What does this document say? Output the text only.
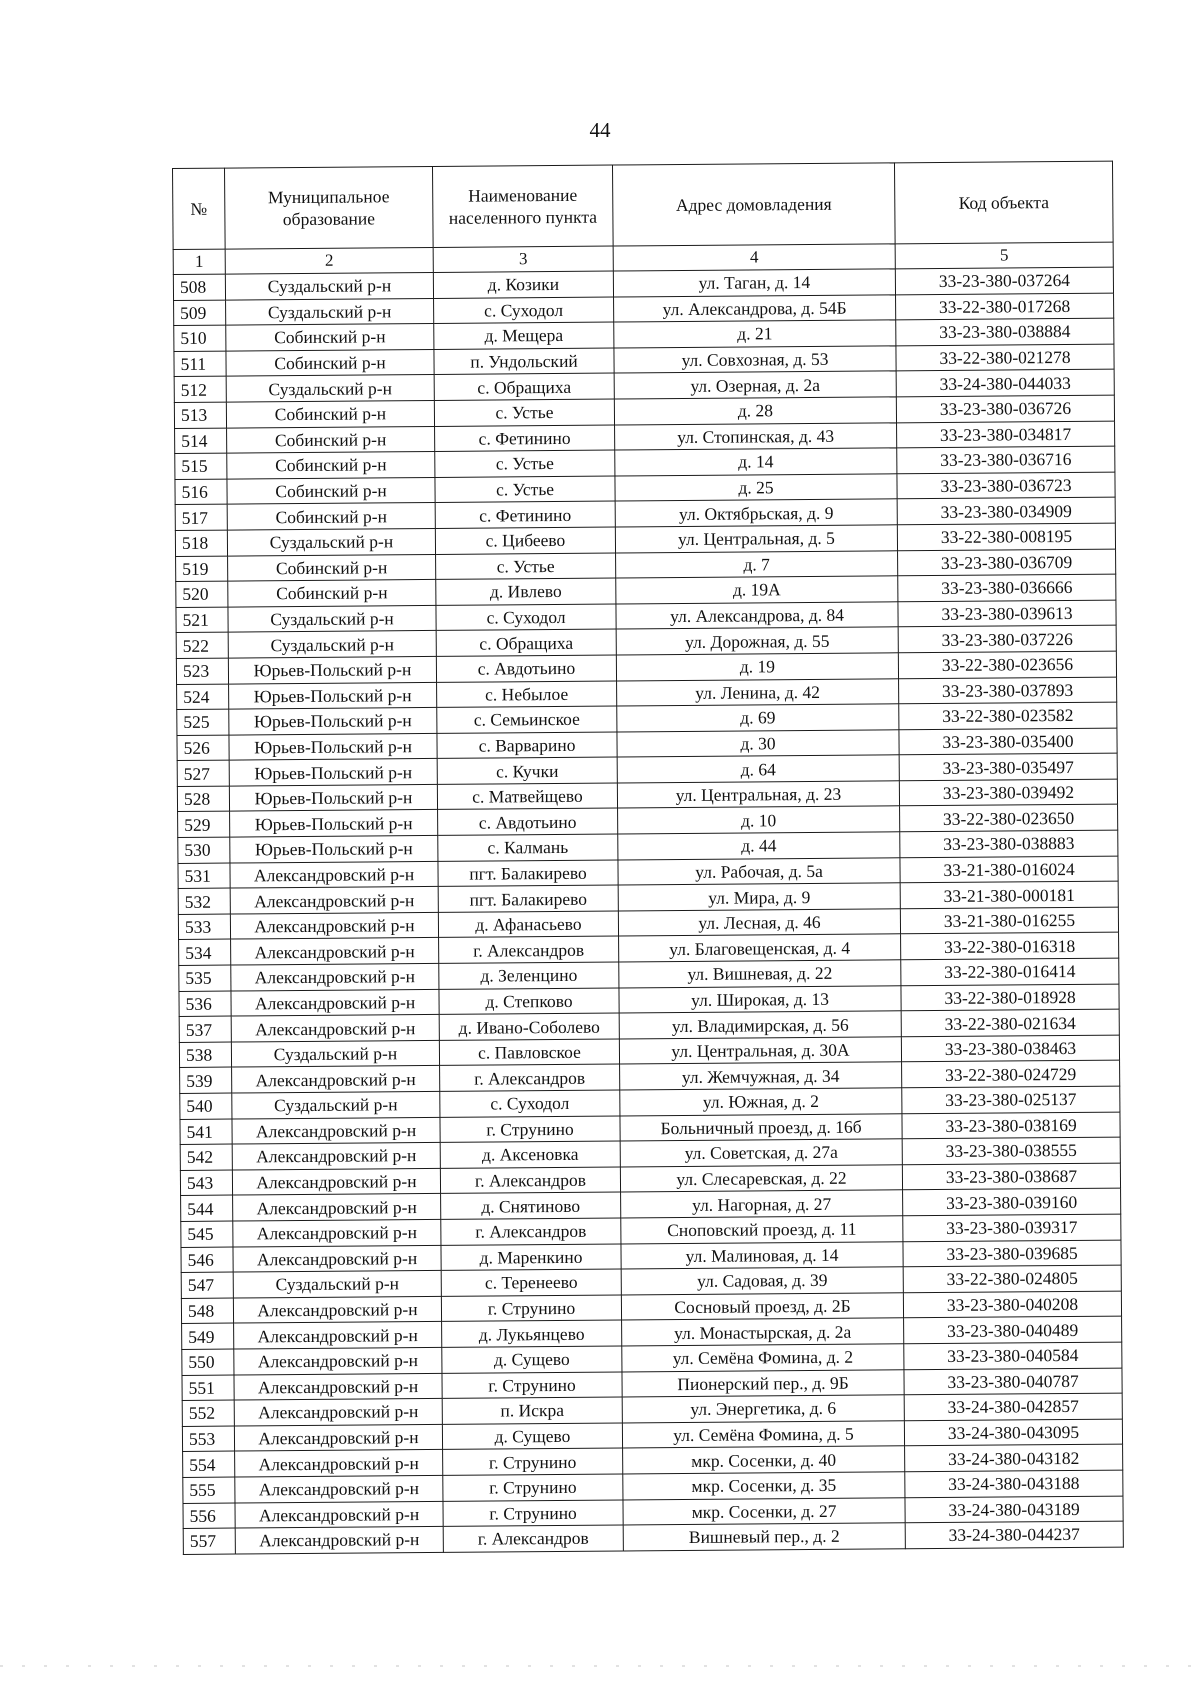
44
№	Муниципальное образование	Наименование населенного пункта	Адрес домовладения	Код объекта
1	2	3	4	5
508	Суздальский р-н	д. Козики	ул. Таган, д. 14	33-23-380-037264
509	Суздальский р-н	с. Суходол	ул. Александрова, д. 54Б	33-22-380-017268
510	Собинский р-н	д. Мещера	д. 21	33-23-380-038884
511	Собинский р-н	п. Ундольский	ул. Совхозная, д. 53	33-22-380-021278
512	Суздальский р-н	с. Обращиха	ул. Озерная, д. 2а	33-24-380-044033
513	Собинский р-н	с. Устье	д. 28	33-23-380-036726
514	Собинский р-н	с. Фетинино	ул. Стопинская, д. 43	33-23-380-034817
515	Собинский р-н	с. Устье	д. 14	33-23-380-036716
516	Собинский р-н	с. Устье	д. 25	33-23-380-036723
517	Собинский р-н	с. Фетинино	ул. Октябрьская, д. 9	33-23-380-034909
518	Суздальский р-н	с. Цибеево	ул. Центральная, д. 5	33-22-380-008195
519	Собинский р-н	с. Устье	д. 7	33-23-380-036709
520	Собинский р-н	д. Ивлево	д. 19А	33-23-380-036666
521	Суздальский р-н	с. Суходол	ул. Александрова, д. 84	33-23-380-039613
522	Суздальский р-н	с. Обращиха	ул. Дорожная, д. 55	33-23-380-037226
523	Юрьев-Польский р-н	с. Авдотьино	д. 19	33-22-380-023656
524	Юрьев-Польский р-н	с. Небылое	ул. Ленина, д. 42	33-23-380-037893
525	Юрьев-Польский р-н	с. Семьинское	д. 69	33-22-380-023582
526	Юрьев-Польский р-н	с. Варварино	д. 30	33-23-380-035400
527	Юрьев-Польский р-н	с. Кучки	д. 64	33-23-380-035497
528	Юрьев-Польский р-н	с. Матвейщево	ул. Центральная, д. 23	33-23-380-039492
529	Юрьев-Польский р-н	с. Авдотьино	д. 10	33-22-380-023650
530	Юрьев-Польский р-н	с. Калмань	д. 44	33-23-380-038883
531	Александровский р-н	пгт. Балакирево	ул. Рабочая, д. 5а	33-21-380-016024
532	Александровский р-н	пгт. Балакирево	ул. Мира, д. 9	33-21-380-000181
533	Александровский р-н	д. Афанасьево	ул. Лесная, д. 46	33-21-380-016255
534	Александровский р-н	г. Александров	ул. Благовещенская, д. 4	33-22-380-016318
535	Александровский р-н	д. Зеленцино	ул. Вишневая, д. 22	33-22-380-016414
536	Александровский р-н	д. Степково	ул. Широкая, д. 13	33-22-380-018928
537	Александровский р-н	д. Ивано-Соболево	ул. Владимирская, д. 56	33-22-380-021634
538	Суздальский р-н	с. Павловское	ул. Центральная, д. 30А	33-23-380-038463
539	Александровский р-н	г. Александров	ул. Жемчужная, д. 34	33-22-380-024729
540	Суздальский р-н	с. Суходол	ул. Южная, д. 2	33-23-380-025137
541	Александровский р-н	г. Струнино	Больничный проезд, д. 16б	33-23-380-038169
542	Александровский р-н	д. Аксеновка	ул. Советская, д. 27а	33-23-380-038555
543	Александровский р-н	г. Александров	ул. Слесаревская, д. 22	33-23-380-038687
544	Александровский р-н	д. Снятиново	ул. Нагорная, д. 27	33-23-380-039160
545	Александровский р-н	г. Александров	Сноповский проезд, д. 11	33-23-380-039317
546	Александровский р-н	д. Маренкино	ул. Малиновая, д. 14	33-23-380-039685
547	Суздальский р-н	с. Теренеево	ул. Садовая, д. 39	33-22-380-024805
548	Александровский р-н	г. Струнино	Сосновый проезд, д. 2Б	33-23-380-040208
549	Александровский р-н	д. Лукьянцево	ул. Монастырская, д. 2а	33-23-380-040489
550	Александровский р-н	д. Сущево	ул. Семёна Фомина, д. 2	33-23-380-040584
551	Александровский р-н	г. Струнино	Пионерский пер., д. 9Б	33-23-380-040787
552	Александровский р-н	п. Искра	ул. Энергетика, д. 6	33-24-380-042857
553	Александровский р-н	д. Сущево	ул. Семёна Фомина, д. 5	33-24-380-043095
554	Александровский р-н	г. Струнино	мкр. Сосенки, д. 40	33-24-380-043182
555	Александровский р-н	г. Струнино	мкр. Сосенки, д. 35	33-24-380-043188
556	Александровский р-н	г. Струнино	мкр. Сосенки, д. 27	33-24-380-043189
557	Александровский р-н	г. Александров	Вишневый пер., д. 2	33-24-380-044237
